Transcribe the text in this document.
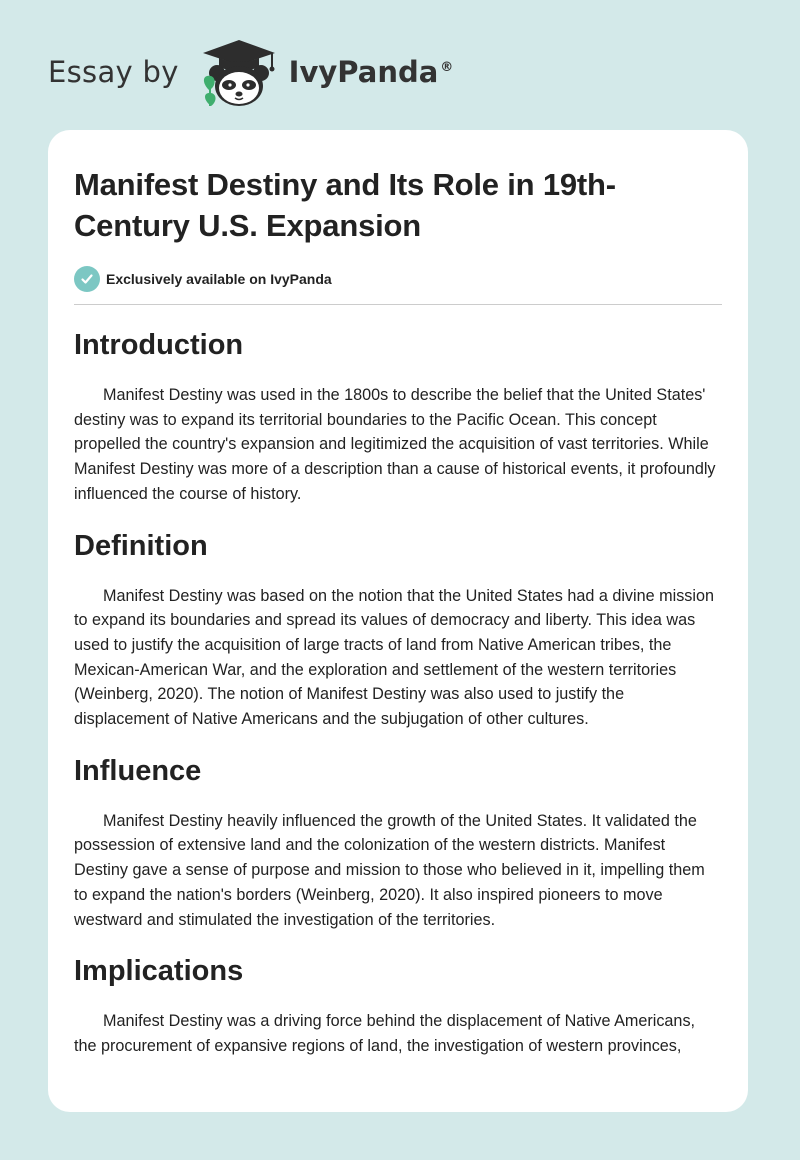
Essay by	IvyPanda ®
Manifest Destiny and Its Role in 19th-Century U.S. Expansion
Exclusively available on IvyPanda
Introduction

Manifest Destiny was used in the 1800s to describe the belief that the United States' destiny was to expand its territorial boundaries to the Pacific Ocean. This concept propelled the country's expansion and legitimized the acquisition of vast territories. While Manifest Destiny was more of a description than a cause of historical events, it profoundly influenced the course of history.

Definition

Manifest Destiny was based on the notion that the United States had a divine mission to expand its boundaries and spread its values of democracy and liberty. This idea was used to justify the acquisition of large tracts of land from Native American tribes, the Mexican-American War, and the exploration and settlement of the western territories (Weinberg, 2020). The notion of Manifest Destiny was also used to justify the displacement of Native Americans and the subjugation of other cultures.

Influence

Manifest Destiny heavily influenced the growth of the United States. It validated the possession of extensive land and the colonization of the western districts. Manifest Destiny gave a sense of purpose and mission to those who believed in it, impelling them to expand the nation's borders (Weinberg, 2020). It also inspired pioneers to move westward and stimulated the investigation of the territories.

Implications

Manifest Destiny was a driving force behind the displacement of Native Americans, the procurement of expansive regions of land, the investigation of western provinces,
